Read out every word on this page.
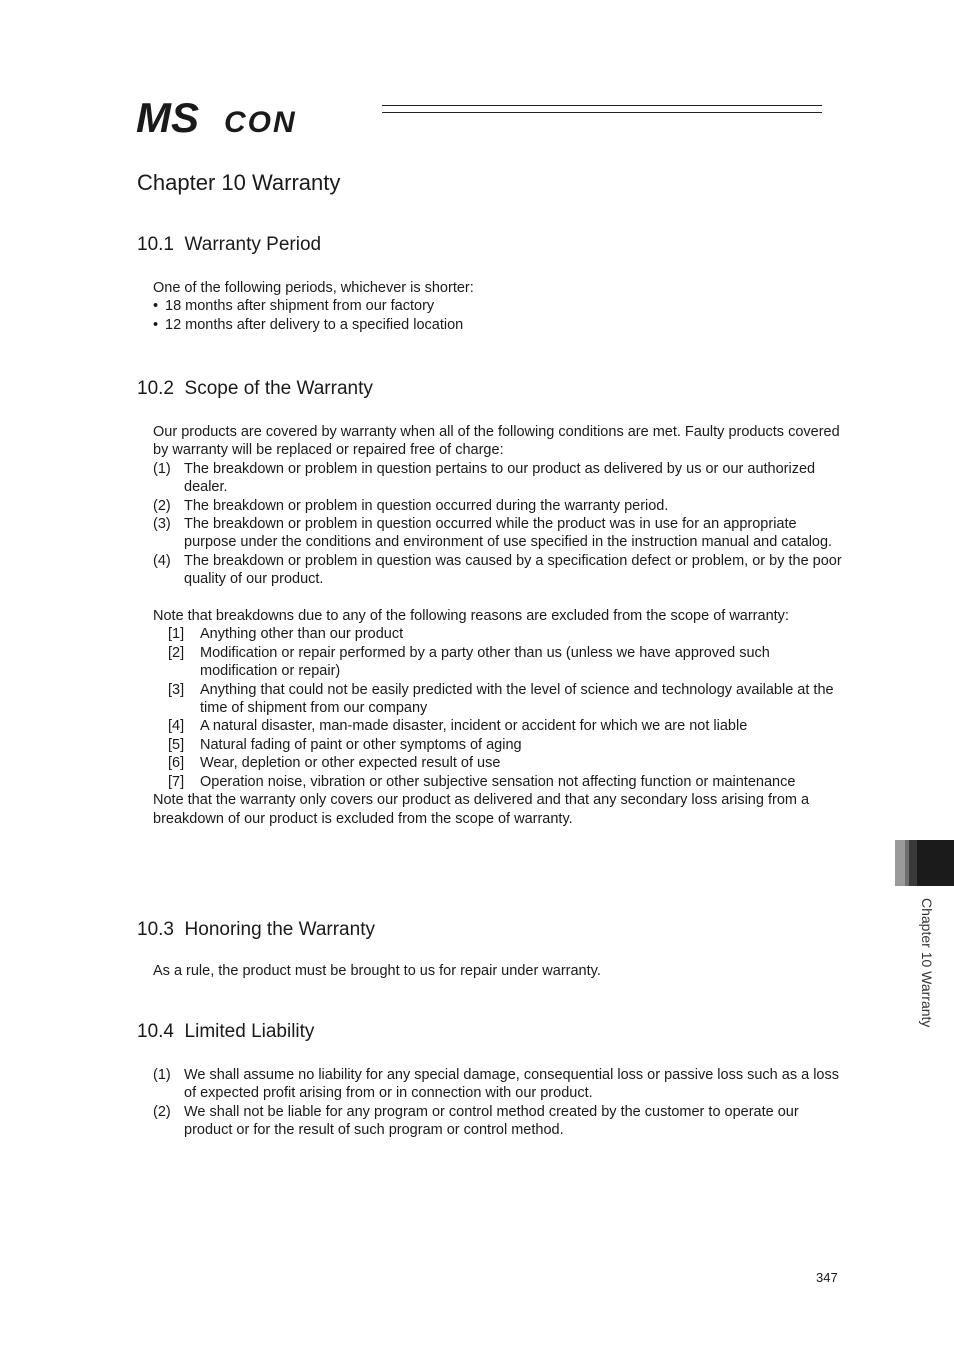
MS CON
Chapter 10 Warranty
10.1  Warranty Period

One of the following periods, whichever is shorter:

• 18 months after shipment from our factory
• 12 months after delivery to a specified location
10.2  Scope of the Warranty

Our products are covered by warranty when all of the following conditions are met. Faulty products covered by warranty will be replaced or repaired free of charge:

(1) The breakdown or problem in question pertains to our product as delivered by us or our authorized dealer.
(2) The breakdown or problem in question occurred during the warranty period.
(3) The breakdown or problem in question occurred while the product was in use for an appropriate purpose under the conditions and environment of use specified in the instruction manual and catalog.
(4) The breakdown or problem in question was caused by a specification defect or problem, or by the poor quality of our product.

Note that breakdowns due to any of the following reasons are excluded from the scope of warranty:

[1]	Anything other than our product
[2]	Modification or repair performed by a party other than us (unless we have approved such modification or repair)
[3]	Anything that could not be easily predicted with the level of science and technology available at the time of shipment from our company
[4]	A natural disaster, man-made disaster, incident or accident for which we are not liable
[5]	Natural fading of paint or other symptoms of aging
[6]	Wear, depletion or other expected result of use
[7]	Operation noise, vibration or other subjective sensation not affecting function or maintenance

Note that the warranty only covers our product as delivered and that any secondary loss arising from a breakdown of our product is excluded from the scope of warranty.

10.3  Honoring the Warranty

As a rule, the product must be brought to us for repair under warranty.

10.4  Limited Liability
(1) We shall assume no liability for any special damage, consequential loss or passive loss such as a loss of expected profit arising from or in connection with our product.
(2) We shall not be liable for any program or control method created by the customer to operate our product or for the result of such program or control method.
Chapter 10 Warranty
347
